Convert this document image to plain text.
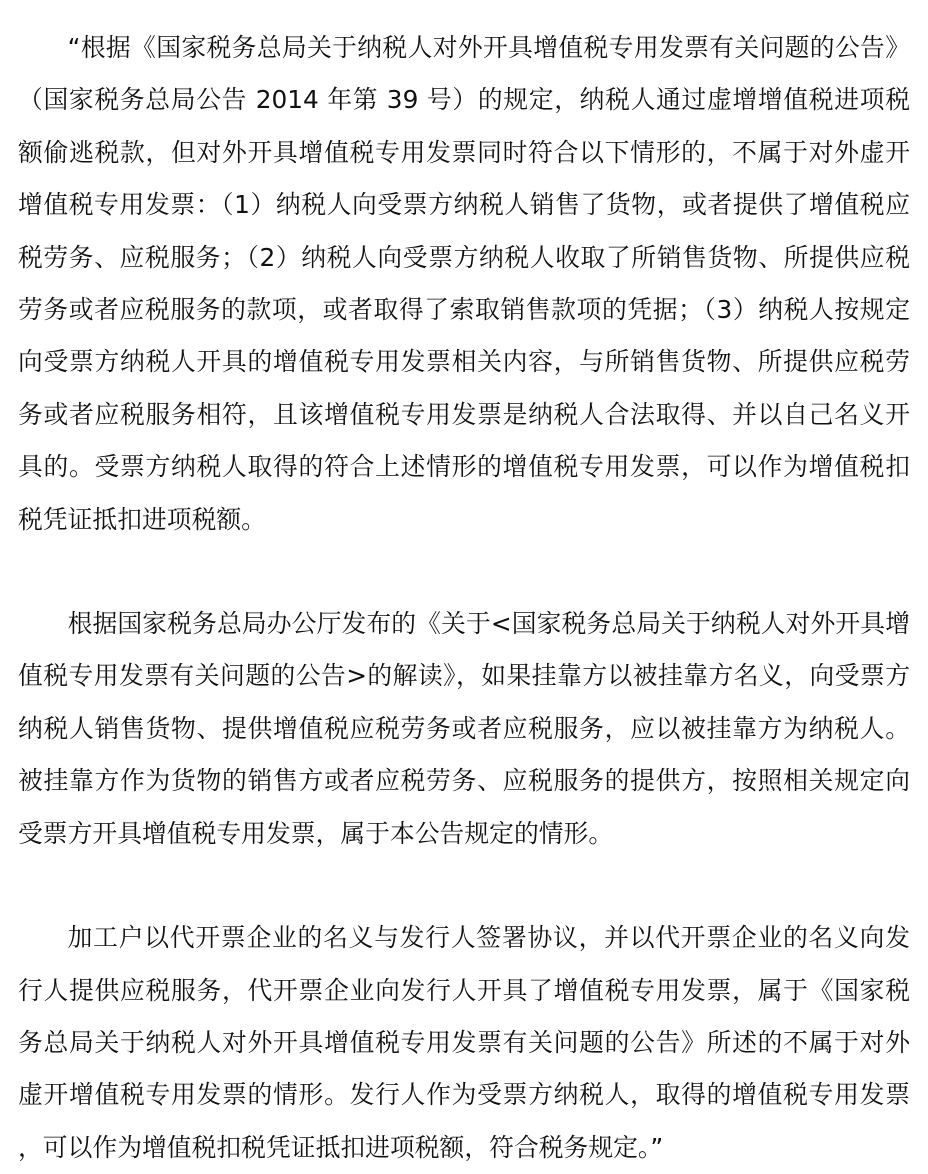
“根据《国家税务总局关于纳税人对外开具增值税专用发票有关问题的公告》（国家税务总局公告 2014 年第 39 号）的规定，纳税人通过虚增增值税进项税额偷逃税款，但对外开具增值税专用发票同时符合以下情形的，不属于对外虚开增值税专用发票：（1）纳税人向受票方纳税人销售了货物，或者提供了增值税应税劳务、应税服务；（2）纳税人向受票方纳税人收取了所销售货物、所提供应税劳务或者应税服务的款项，或者取得了索取销售款项的凭据；（3）纳税人按规定向受票方纳税人开具的增值税专用发票相关内容，与所销售货物、所提供应税劳务或者应税服务相符，且该增值税专用发票是纳税人合法取得、并以自己名义开具的。受票方纳税人取得的符合上述情形的增值税专用发票，可以作为增值税扣税凭证抵扣进项税额。

根据国家税务总局办公厅发布的《关于<国家税务总局关于纳税人对外开具增值税专用发票有关问题的公告>的解读》，如果挂靠方以被挂靠方名义，向受票方纳税人销售货物、提供增值税应税劳务或者应税服务，应以被挂靠方为纳税人。被挂靠方作为货物的销售方或者应税劳务、应税服务的提供方，按照相关规定向受票方开具增值税专用发票，属于本公告规定的情形。

加工户以代开票企业的名义与发行人签署协议，并以代开票企业的名义向发行人提供应税服务，代开票企业向发行人开具了增值税专用发票，属于《国家税务总局关于纳税人对外开具增值税专用发票有关问题的公告》所述的不属于对外虚开增值税专用发票的情形。发行人作为受票方纳税人，取得的增值税专用发票，可以作为增值税扣税凭证抵扣进项税额，符合税务规定。”
